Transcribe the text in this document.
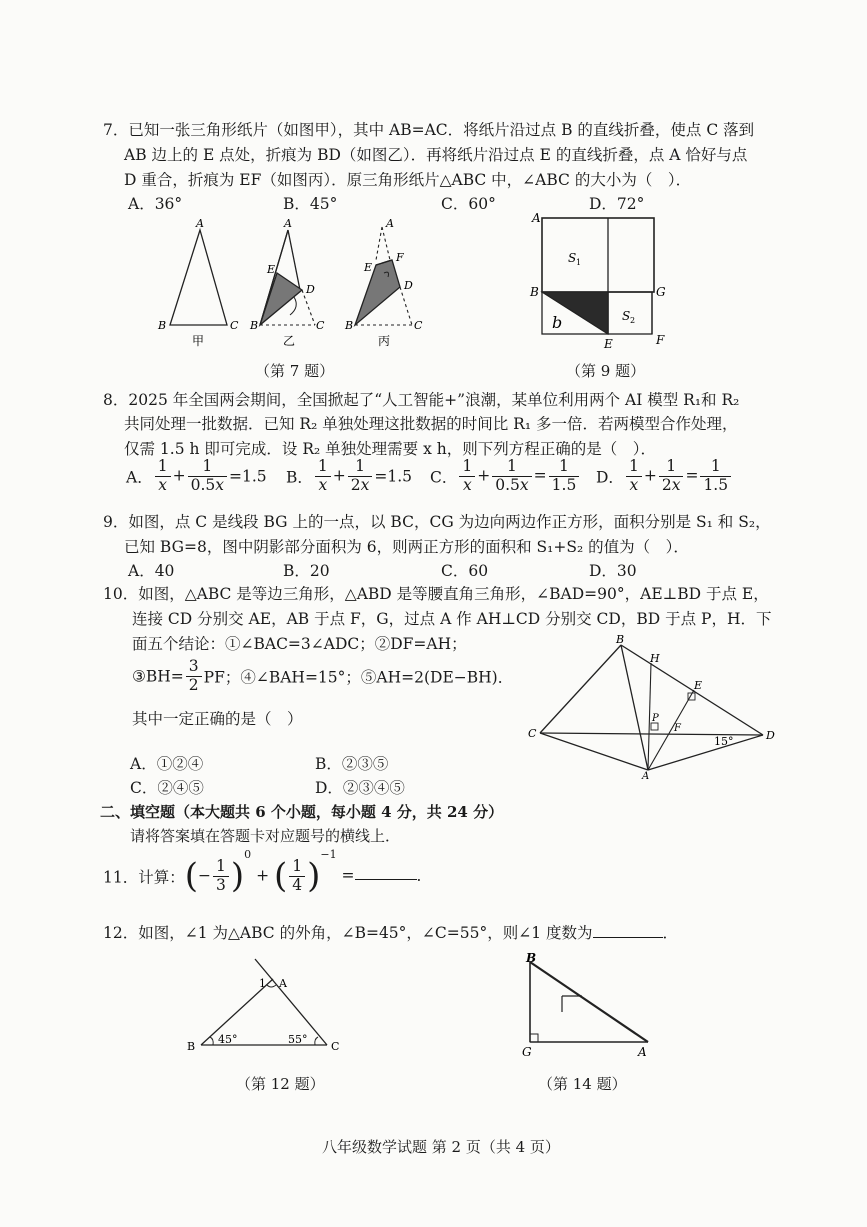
7．已知一张三角形纸片（如图甲），其中 AB=AC．将纸片沿过点 B 的直线折叠，使点 C 落到
AB 边上的 E 点处，折痕为 BD（如图乙）．再将纸片沿过点 E 的直线折叠，点 A 恰好与点
D 重合，折痕为 EF（如图丙）．原三角形纸片△ABC 中，∠ABC 的大小为（　）．
A．36°	B．45°	C．60°	D．72°
A
B	C
甲
A
E
D
B	C
乙
A
E
F
D
B	C
丙
（第 7 题）
A
S 1
B	G
S 2
E	F
b
（第 9 题）
8．2025 年全国两会期间，全国掀起了“人工智能+”浪潮，某单位利用两个 AI 模型 R₁和 R₂
共同处理一批数据．已知 R₂ 单独处理这批数据的时间比 R₁ 多一倍．若两模型合作处理，
仅需 1.5 h 即可完成．设 R₂ 单独处理需要 x h，则下列方程正确的是（　）．
A． $\frac{1}{x} + \frac{1}{0.5x} =1.5$ B． $\frac{1}{x} + \frac{1}{2x} =1.5$ C． $\frac{1}{x} + \frac{1}{0.5x} = \frac{1}{1.5}$ D． $\frac{1}{x} + \frac{1}{2x} = \frac{1}{1.5}$
9．如图，点 C 是线段 BG 上的一点，以 BC，CG 为边向两边作正方形，面积分别是 S₁ 和 S₂，
已知 BG=8，图中阴影部分面积为 6，则两正方形的面积和 S₁+S₂ 的值为（　）．
A．40	B．20	C．60	D．30
10．如图，△ABC 是等边三角形，△ABD 是等腰直角三角形，∠BAD=90°，AE⊥BD 于点 E，
连接 CD 分别交 AE，AB 于点 F，G，过点 A 作 AH⊥CD 分别交 CD，BD 于点 P，H．下
面五个结论：①∠BAC=3∠ADC；②DF=AH；
③BH= $\frac{3}{2}$ PF；④∠BAH=15°；⑤AH=2(DE−BH)．
其中一定正确的是（　）
A．①②④	B．②③⑤
C．②④⑤	D．②③④⑤
B
H
E
P
F
C	D
A
15°
二、填空题（本大题共 6 个小题，每小题 4 分，共 24 分）
请将答案填在答题卡对应题号的横线上．
11．计算：(− $\frac{1}{3} )^0$ + ( $\frac{1}{4} )^{-1}$ =	．
12．如图，∠1 为△ABC 的外角，∠B=45°，∠C=55°，则∠1 度数为	．
1 A
B	C
45°	55°
（第 12 题）
B
G	A
（第 14 题）
八年级数学试题 第 2 页（共 4 页）
